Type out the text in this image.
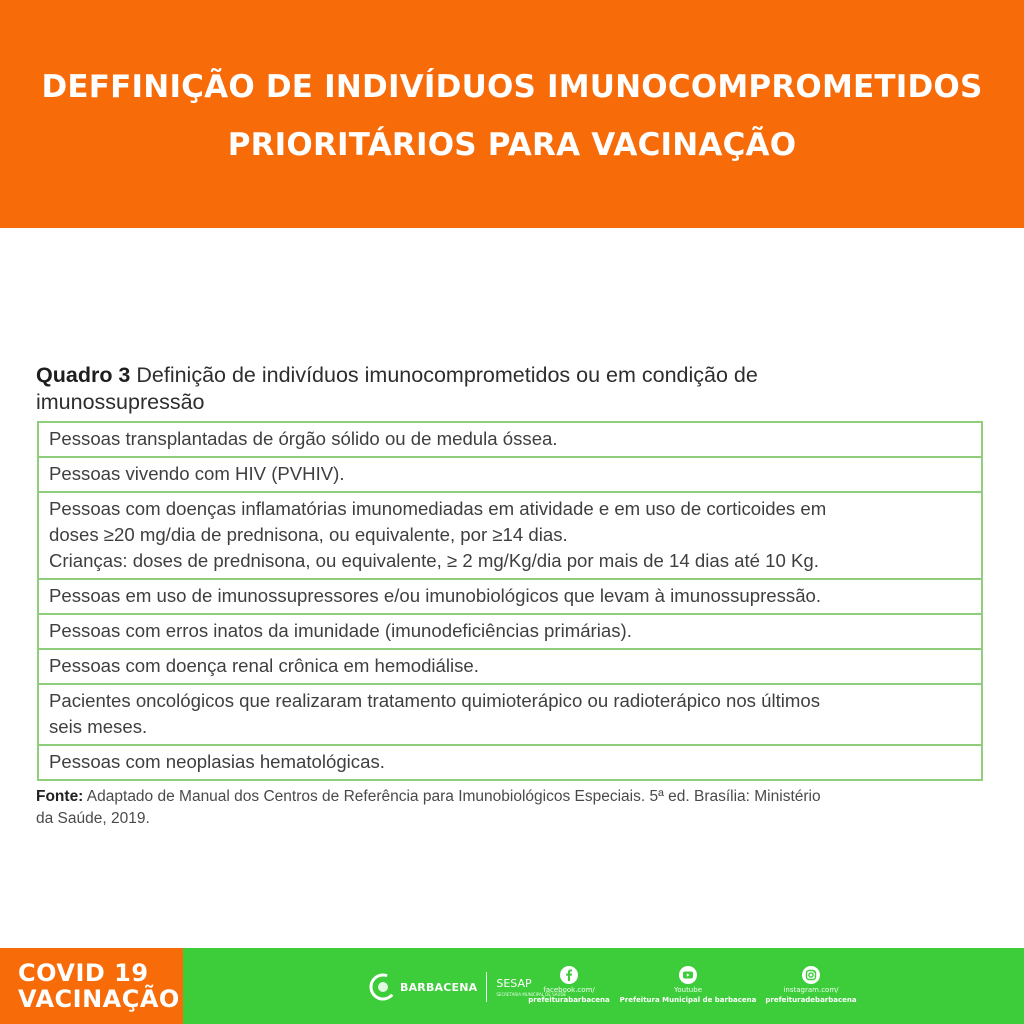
DEFFINIÇÃO DE INDIVÍDUOS IMUNOCOMPROMETIDOS
PRIORITÁRIOS PARA VACINAÇÃO
Quadro 3 Definição de indivíduos imunocomprometidos ou em condição de
imunossupressão
Pessoas transplantadas de órgão sólido ou de medula óssea.
Pessoas vivendo com HIV (PVHIV).
Pessoas com doenças inflamatórias imunomediadas em atividade e em uso de corticoides em
doses ≥20 mg/dia de prednisona, ou equivalente, por ≥14 dias.
Crianças: doses de prednisona, ou equivalente, ≥ 2 mg/Kg/dia por mais de 14 dias até 10 Kg.
Pessoas em uso de imunossupressores e/ou imunobiológicos que levam à imunossupressão.
Pessoas com erros inatos da imunidade (imunodeficiências primárias).
Pessoas com doença renal crônica em hemodiálise.
Pacientes oncológicos que realizaram tratamento quimioterápico ou radioterápico nos últimos
seis meses.
Pessoas com neoplasias hematológicas.
Fonte: Adaptado de Manual dos Centros de Referência para Imunobiológicos Especiais. 5ª ed. Brasília: Ministério
da Saúde, 2019.
COVID 19
VACINAÇÃO	BARBACENA SESAP
SECRETARIA MUNICIPAL DE SAÚDE
facebook.com/
prefeiturabarbacena
Youtube
Prefeitura Municipal de barbacena
instagram.com/
prefeituradebarbacena
